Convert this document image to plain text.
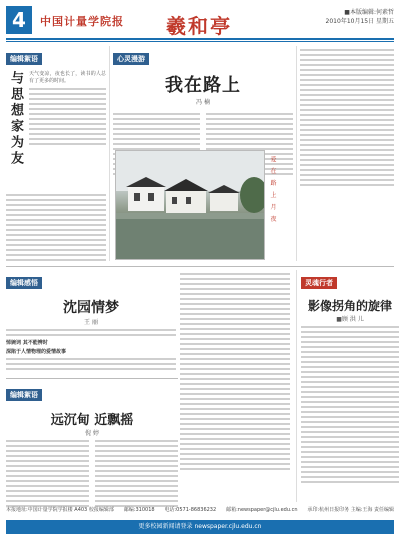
4	中国计量学院报 羲和亭
■本版编辑:何素哲
2010年10月15日 星期五
编辑絮语
与思想家为友	天气变凉，夜也长了，读书的人总有了更多的时间。
心灵漫游
我在路上
冯 楠
爱 在 路 上 月 夜
编辑感悟
沈园情梦
王 丽
悼婉词 其不能辨时
深陷于人情物理的爱情故事
编辑絮语
远沉甸 近飘摇
倪 婷
灵魂行者
影像拐角的旋律
■顾 洪 儿
本报地址:中国计量学院学报楼 A403 校报编辑部 邮编:310018 电话:0571-86836232 邮箱:newspaper@cjlu.edu.cn 承印:杭州日报印务 主编:王海 责任编辑
更多校园新闻请登录 newspaper.cjlu.edu.cn
